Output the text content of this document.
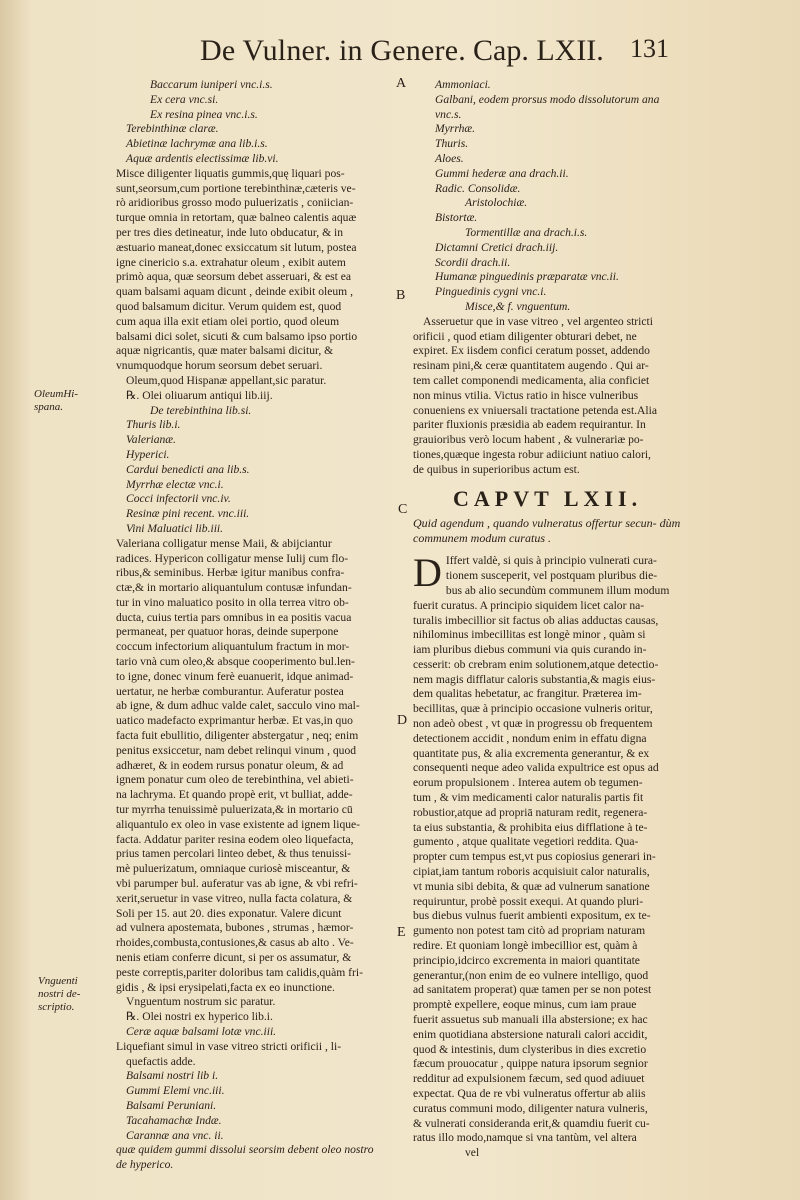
De Vulner. in Genere. Cap. LXII. 131
OleumHi-
spana.
Vnguenti
nostri de-
scriptio.
A
B
C
D
E

Baccarum iuniperi vnc.i.s.

Ex cera vnc.si.

Ex resina pinea vnc.i.s.

Terebinthinæ claræ.

Abietinæ lachrymæ ana lib.i.s.

Aquæ ardentis electissimæ lib.vi.

Misce diligenter liquatis gummis,quę liquari pos-

sunt,seorsum,cum portione terebinthinæ,cæteris ve-

rò aridioribus grosso modo puluerizatis , coniician-

turque omnia in retortam, quæ balneo calentis aquæ

per tres dies detineatur, inde luto obducatur, & in

æstuario maneat,donec exsiccatum sit lutum, postea

igne cinericio s.a. extrahatur oleum , exibit autem

primò aqua, quæ seorsum debet asseruari, & est ea

quam balsami aquam dicunt , deinde exibit oleum ,

quod balsamum dicitur. Verum quidem est, quod

cum aqua illa exit etiam olei portio, quod oleum

balsami dici solet, sicuti & cum balsamo ipso portio

aquæ nigricantis, quæ mater balsami dicitur, &

vnumquodque horum seorsum debet seruari.

Oleum,quod Hispanæ appellant,sic paratur.

℞. Olei oliuarum antiqui lib.iij.

De terebinthina lib.si.

Thuris lib.i.

Valerianæ.

Hyperici.

Cardui benedicti ana lib.s.

Myrrhæ electæ vnc.i.

Cocci infectorii vnc.iv.

Resinæ pini recent. vnc.iii.

Vini Maluatici lib.iii.

Valeriana colligatur mense Maii, & abijciantur

radices. Hypericon colligatur mense Iulij cum flo-

ribus,& seminibus. Herbæ igitur manibus confra-

ctæ,& in mortario aliquantulum contusæ infundan-

tur in vino maluatico posito in olla terrea vitro ob-

ducta, cuius tertia pars omnibus in ea positis vacua

permaneat, per quatuor horas, deinde superpone

coccum infectorium aliquantulum fractum in mor-

tario vnà cum oleo,& absque cooperimento bul.len-

to igne, donec vinum ferè euanuerit, idque animad-

uertatur, ne herbæ comburantur. Auferatur postea

ab igne, & dum adhuc valde calet, sacculo vino mal-

uatico madefacto exprimantur herbæ. Et vas,in quo

facta fuit ebullitio, diligenter abstergatur , neq; enim

penitus exsiccetur, nam debet relinqui vinum , quod

adhæret, & in eodem rursus ponatur oleum, & ad

ignem ponatur cum oleo de terebinthina, vel abieti-

na lachryma. Et quando propè erit, vt bulliat, adde-

tur myrrha tenuissimè puluerizata,& in mortario cū

aliquantulo ex oleo in vase existente ad ignem lique-

facta. Addatur pariter resina eodem oleo liquefacta,

prius tamen percolari linteo debet, & thus tenuissi-

mè puluerizatum, omniaque curiosè misceantur, &

vbi parumper bul. auferatur vas ab igne, & vbi refri-

xerit,seruetur in vase vitreo, nulla facta colatura, &

Soli per 15. aut 20. dies exponatur. Valere dicunt

ad vulnera apostemata, bubones , strumas , hæmor-

rhoides,combusta,contusiones,& casus ab alto . Ve-

nenis etiam conferre dicunt, si per os assumatur, &

peste correptis,pariter doloribus tam calidis,quàm fri-

gidis , & ipsi erysipelati,facta ex eo inunctione.

Vnguentum nostrum sic paratur.

℞. Olei nostri ex hyperico lib.i.

Ceræ aquæ balsami lotæ vnc.iii.

Liquefiant simul in vase vitreo stricti orificii , li-

quefactis adde.

Balsami nostri lib i.

Gummi Elemi vnc.iii.

Balsami Peruniani.

Tacahamachæ Indæ.

Carannæ ana vnc. ii.

quæ quidem gummi dissolui seorsim debent oleo nostro

de hyperico.

Ammoniaci.

Galbani, eodem prorsus modo dissolutorum ana

vnc.s.

Myrrhæ.

Thuris.

Aloes.

Gummi hederæ ana drach.ii.

Radic. Consolidæ.

Aristolochiæ.

Bistortæ.

Tormentillæ ana drach.i.s.

Dictamni Cretici drach.iij.

Scordii drach.ii.

Humanæ pinguedinis præparatæ vnc.ii.

Pinguedinis cygni vnc.i.

Misce,& f. vnguentum.

Asseruetur que in vase vitreo , vel argenteo stricti

orificii , quod etiam diligenter obturari debet, ne

expiret. Ex iisdem confici ceratum posset, addendo

resinam pini,& ceræ quantitatem augendo . Qui ar-

tem callet componendi medicamenta, alia conficiet

non minus vtilia. Victus ratio in hisce vulneribus

conueniens ex vniuersali tractatione petenda est.Alia

pariter fluxionis præsidia ab eadem requirantur. In

grauioribus verò locum habent , & vulnerariæ po-

tiones,quæque ingesta robur adiiciunt natiuo calori,

de quibus in superioribus actum est.

CAPVT LXII.

Quid agendum , quando vulneratus offertur secun- dùm communem modum curatus .

D Iffert valdè, si quis à principio vulnerati cura-

tionem susceperit, vel postquam pluribus die-

bus ab alio secundùm communem illum modum

fuerit curatus. A principio siquidem licet calor na-

turalis imbecillior sit factus ob alias adductas causas,

nihilominus imbecillitas est longè minor , quàm si

iam pluribus diebus communi via quis curando in-

cesserit: ob crebram enim solutionem,atque detectio-

nem magis difflatur caloris substantia,& magis eius-

dem qualitas hebetatur, ac frangitur. Præterea im-

becillitas, quæ à principio occasione vulneris oritur,

non adeò obest , vt quæ in progressu ob frequentem

detectionem accidit , nondum enim in effatu digna

quantitate pus, & alia excrementa generantur, & ex

consequenti neque adeo valida expultrice est opus ad

eorum propulsionem . Interea autem ob tegumen-

tum , & vim medicamenti calor naturalis partis fit

robustior,atque ad propriā naturam redit, regenera-

ta eius substantia, & prohibita eius difflatione à te-

gumento , atque qualitate vegetiori reddita. Qua-

propter cum tempus est,vt pus copiosius generari in-

cipiat,iam tantum roboris acquisiuit calor naturalis,

vt munia sibi debita, & quæ ad vulnerum sanatione

requiruntur, probè possit exequi. At quando pluri-

bus diebus vulnus fuerit ambienti expositum, ex te-

gumento non potest tam citò ad propriam naturam

redire. Et quoniam longè imbecillior est, quàm à

principio,idcirco excrementa in maiori quantitate

generantur,(non enim de eo vulnere intelligo, quod

ad sanitatem properat) quæ tamen per se non potest

promptè expellere, eoque minus, cum iam praue

fuerit assuetus sub manuali illa abstersione; ex hac

enim quotidiana abstersione naturali calori accidit,

quod & intestinis, dum clysteribus in dies excretio

fæcum prouocatur , quippe natura ipsorum segnior

redditur ad expulsionem fæcum, sed quod adiuuet

expectat. Qua de re vbi vulneratus offertur ab aliis

curatus communi modo, diligenter natura vulneris,

& vulnerati consideranda erit,& quamdiu fuerit cu-

ratus illo modo,namque si vna tantùm, vel altera

vel
